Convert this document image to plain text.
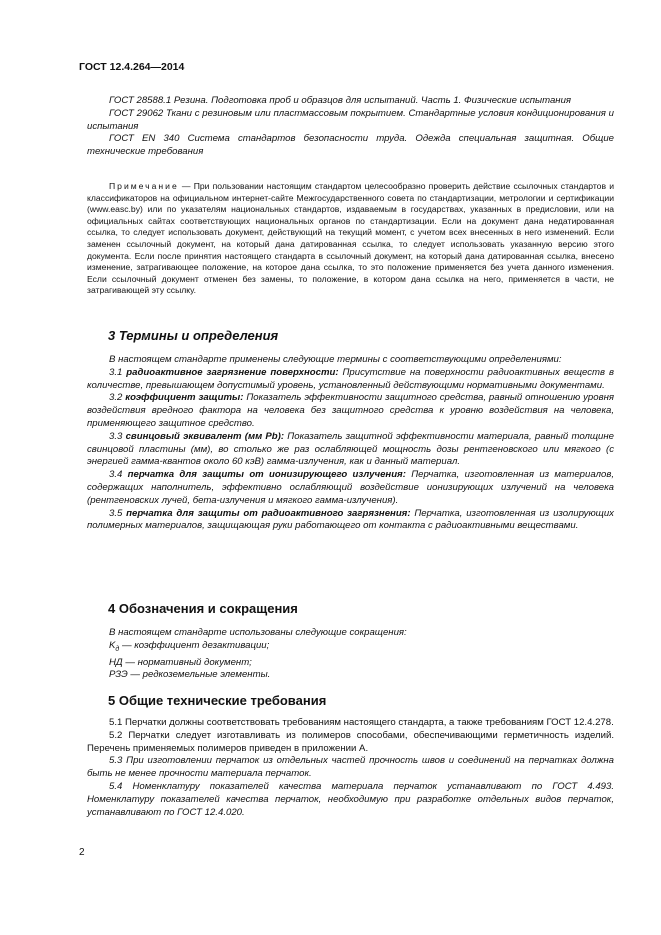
ГОСТ 12.4.264—2014

ГОСТ 28588.1 Резина. Подготовка проб и образцов для испытаний. Часть 1. Физические испытания

ГОСТ 29062 Ткани с резиновым или пластмассовым покрытием. Стандартные условия кондиционирования и испытания

ГОСТ EN 340 Система стандартов безопасности труда. Одежда специальная защитная. Общие технические требования

Примечание — При пользовании настоящим стандартом целесообразно проверить действие ссылочных стандартов и классификаторов на официальном интернет-сайте Межгосударственного совета по стандартизации, метрологии и сертификации (www.easc.by) или по указателям национальных стандартов, издаваемым в государствах, указанных в предисловии, или на официальных сайтах соответствующих национальных органов по стандартизации. Если на документ дана недатированная ссылка, то следует использовать документ, действующий на текущий момент, с учетом всех внесенных в него изменений. Если заменен ссылочный документ, на который дана датированная ссылка, то следует использовать указанную версию этого документа. Если после принятия настоящего стандарта в ссылочный документ, на который дана датированная ссылка, внесено изменение, затрагивающее положение, на которое дана ссылка, то это положение применяется без учета данного изменения. Если ссылочный документ отменен без замены, то положение, в котором дана ссылка на него, применяется в части, не затрагивающей эту ссылку.

3 Термины и определения

В настоящем стандарте применены следующие термины с соответствующими определениями:

3.1 радиоактивное загрязнение поверхности: Присутствие на поверхности радиоактивных веществ в количестве, превышающем допустимый уровень, установленный действующими нормативными документами.

3.2 коэффициент защиты: Показатель эффективности защитного средства, равный отношению уровня воздействия вредного фактора на человека без защитного средства к уровню воздействия на человека, применяющего защитное средство.

3.3 свинцовый эквивалент (мм Pb): Показатель защитной эффективности материала, равный толщине свинцовой пластины (мм), во столько же раз ослабляющей мощность дозы рентгеновского или мягкого (с энергией гамма-квантов около 60 кэВ) гамма-излучения, как и данный материал.

3.4 перчатка для защиты от ионизирующего излучения: Перчатка, изготовленная из материалов, содержащих наполнитель, эффективно ослабляющий воздействие ионизирующих излучений на человека (рентгеновских лучей, бета-излучения и мягкого гамма-излучения).

3.5 перчатка для защиты от радиоактивного загрязнения: Перчатка, изготовленная из изолирующих полимерных материалов, защищающая руки работающего от контакта с радиоактивными веществами.

4 Обозначения и сокращения

В настоящем стандарте использованы следующие сокращения:

$K_д$ — коэффициент дезактивации;

НД — нормативный документ;

РЗЭ — редкоземельные элементы.

5 Общие технические требования

5.1 Перчатки должны соответствовать требованиям настоящего стандарта, а также требованиям ГОСТ 12.4.278.

5.2 Перчатки следует изготавливать из полимеров способами, обеспечивающими герметичность изделий. Перечень применяемых полимеров приведен в приложении А.

5.3 При изготовлении перчаток из отдельных частей прочность швов и соединений на перчатках должна быть не менее прочности материала перчаток.

5.4 Номенклатуру показателей качества материала перчаток устанавливают по ГОСТ 4.493. Номенклатуру показателей качества перчаток, необходимую при разработке отдельных видов перчаток, устанавливают по ГОСТ 12.4.020.

2
